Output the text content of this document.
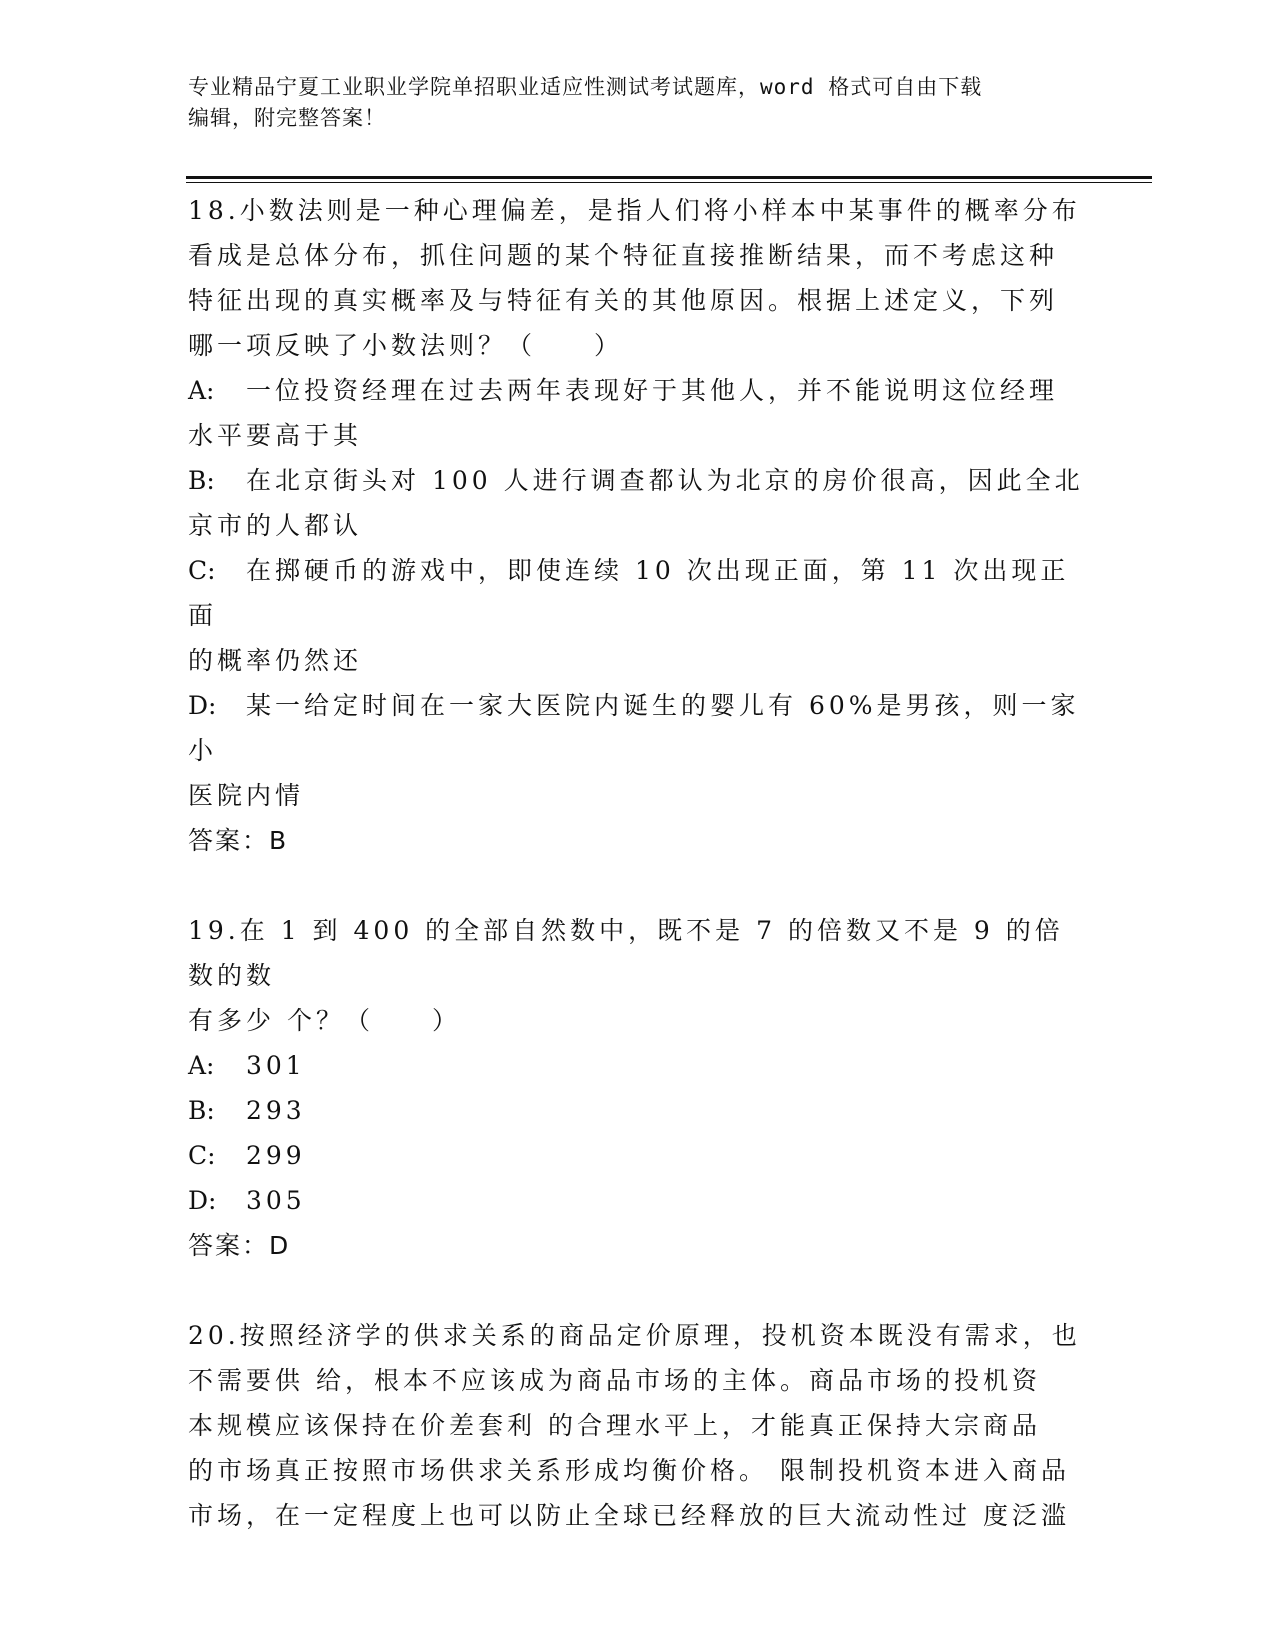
专业精品宁夏工业职业学院单招职业适应性测试考试题库，word 格式可自由下载
编辑，附完整答案！

18.小数法则是一种心理偏差，是指人们将小样本中某事件的概率分布

看成是总体分布，抓住问题的某个特征直接推断结果，而不考虑这种

特征出现的真实概率及与特征有关的其他原因。根据上述定义，下列

哪一项反映了小数法则？（　　）

A: 一位投资经理在过去两年表现好于其他人，并不能说明这位经理

水平要高于其

B: 在北京街头对 100 人进行调查都认为北京的房价很高，因此全北

京市的人都认

C: 在掷硬币的游戏中，即使连续 10 次出现正面，第 11 次出现正面

的概率仍然还

D: 某一给定时间在一家大医院内诞生的婴儿有 60%是男孩，则一家小

医院内情

答案：B

19.在 1 到 400 的全部自然数中，既不是 7 的倍数又不是 9 的倍数的数

有多少 个？（　　）

A: 301

B: 293

C: 299

D: 305

答案：D

20.按照经济学的供求关系的商品定价原理，投机资本既没有需求，也

不需要供 给，根本不应该成为商品市场的主体。商品市场的投机资

本规模应该保持在价差套利 的合理水平上，才能真正保持大宗商品

的市场真正按照市场供求关系形成均衡价格。 限制投机资本进入商品

市场，在一定程度上也可以防止全球已经释放的巨大流动性过 度泛滥
